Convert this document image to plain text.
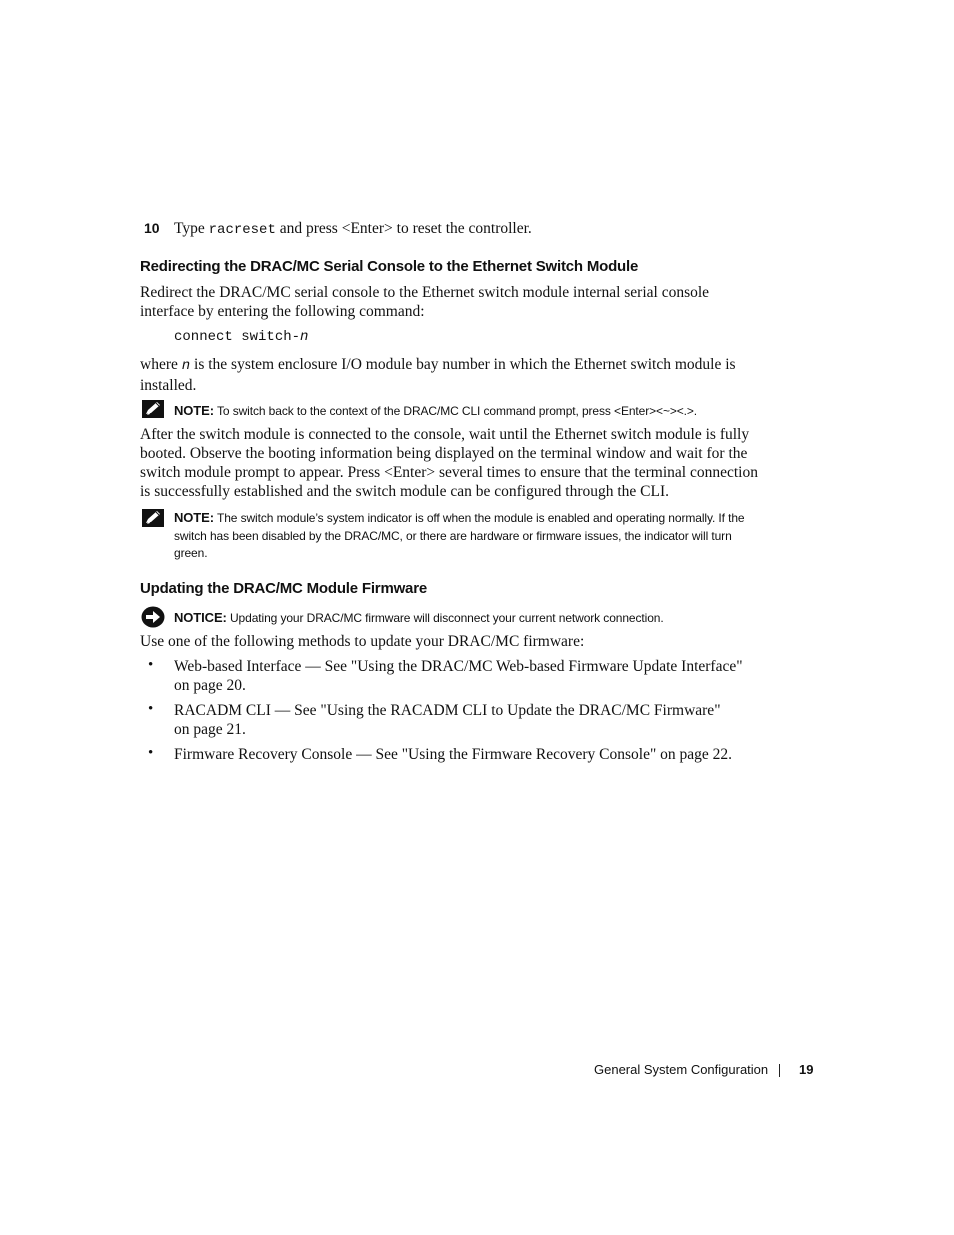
10 Type racreset and press <Enter> to reset the controller.
Redirecting the DRAC/MC Serial Console to the Ethernet Switch Module
Redirect the DRAC/MC serial console to the Ethernet switch module internal serial console interface by entering the following command:
connect switch-n
where n is the system enclosure I/O module bay number in which the Ethernet switch module is installed.
NOTE: To switch back to the context of the DRAC/MC CLI command prompt, press <Enter><~><.>.
After the switch module is connected to the console, wait until the Ethernet switch module is fully booted. Observe the booting information being displayed on the terminal window and wait for the switch module prompt to appear. Press <Enter> several times to ensure that the terminal connection is successfully established and the switch module can be configured through the CLI.
NOTE: The switch module’s system indicator is off when the module is enabled and operating normally. If the switch has been disabled by the DRAC/MC, or there are hardware or firmware issues, the indicator will turn green.
Updating the DRAC/MC Module Firmware
NOTICE: Updating your DRAC/MC firmware will disconnect your current network connection.
Use one of the following methods to update your DRAC/MC firmware:
• Web-based Interface — See "Using the DRAC/MC Web-based Firmware Update Interface" on page 20.
• RACADM CLI — See "Using the RACADM CLI to Update the DRAC/MC Firmware" on page 21.
• Firmware Recovery Console — See "Using the Firmware Recovery Console" on page 22.
General System Configuration 19
